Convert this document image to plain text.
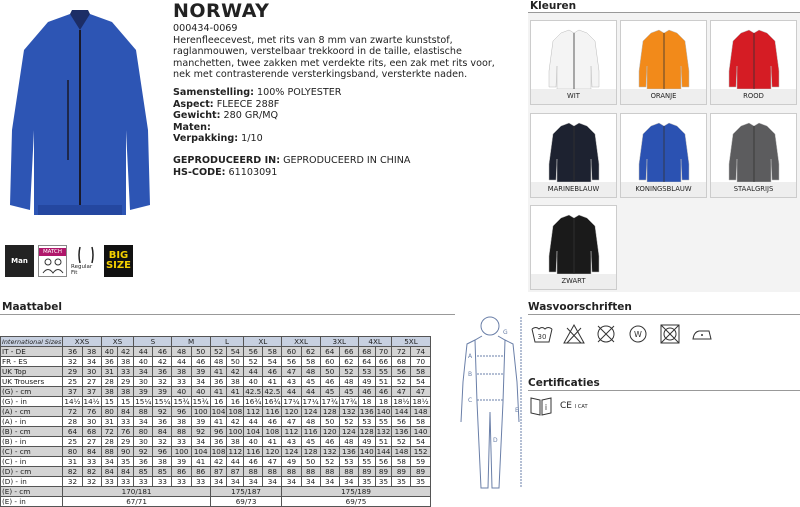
NORWAY
000434-0069
Herenfleecevest, met rits van 8 mm van zwarte kunststof, raglanmouwen, verstelbaar trekkoord in de taille, elastische manchetten, twee zakken met verdekte rits, een zak met rits voor, nek met contrasterende versterkingsband, versterkte naden.
Samenstelling: 100% POLYESTER
Aspect: FLEECE 288F
Gewicht: 280 GR/MQ
Maten:
Verpakking: 1/10
GEPRODUCEERD IN: GEPRODUCEERD IN CHINA
HS-CODE: 61103091
Man
MATCH
Regular Fit
BIG SIZE
Kleuren
WIT	ORANJE	ROOD
MARINEBLAUW	KONINGSBLAUW	STAALGRIJS
ZWART
Maattabel
International Sizes	XXS		XS		S		M		L		XL		XXL		3XL		4XL		5XL	
IT - DE	36	38	40	42	44	46	48	50	52	54	56	58	60	62	64	66	68	70	72	74
FR - ES	32	34	36	38	40	42	44	46	48	50	52	54	56	58	60	62	64	66	68	70
UK Top	29	30	31	33	34	36	38	39	41	42	44	46	47	48	50	52	53	55	56	58
UK Trousers	25	27	28	29	30	32	33	34	36	38	40	41	43	45	46	48	49	51	52	54
(G) - cm	37	37	38	38	39	39	40	40	41	41	42.5	42.5	44	44	45	45	46	46	47	47
(G) - in	14½	14½	15	15	15¼	15¼	15¾	15¾	16	16	16¾	16¾	17¼	17¼	17¾	17¾	18	18	18½	18½
(A) - cm	72	76	80	84	88	92	96	100	104	108	112	116	120	124	128	132	136	140	144	148
(A) - in	28	30	31	33	34	36	38	39	41	42	44	46	47	48	50	52	53	55	56	58
(B) - cm	64	68	72	76	80	84	88	92	96	100	104	108	112	116	120	124	128	132	136	140
(B) - in	25	27	28	29	30	32	33	34	36	38	40	41	43	45	46	48	49	51	52	54
(C) - cm	80	84	88	90	92	96	100	104	108	112	116	120	124	128	132	136	140	144	148	152
(C) - in	31	33	34	35	36	38	39	41	42	44	46	47	49	50	52	53	55	56	58	59
(D) - cm	82	82	84	84	85	85	86	86	87	87	88	88	88	88	88	88	89	89	89	89
(D) - in	32	32	33	33	33	33	33	33	34	34	34	34	34	34	34	34	35	35	35	35
(E) - cm	170/181								175/187				175/189							
(E) - in	67/71								69/73				69/75							
A
B
C
D
E
G
Wasvoorschriften
30	W
Certificaties
i CE I CAT
